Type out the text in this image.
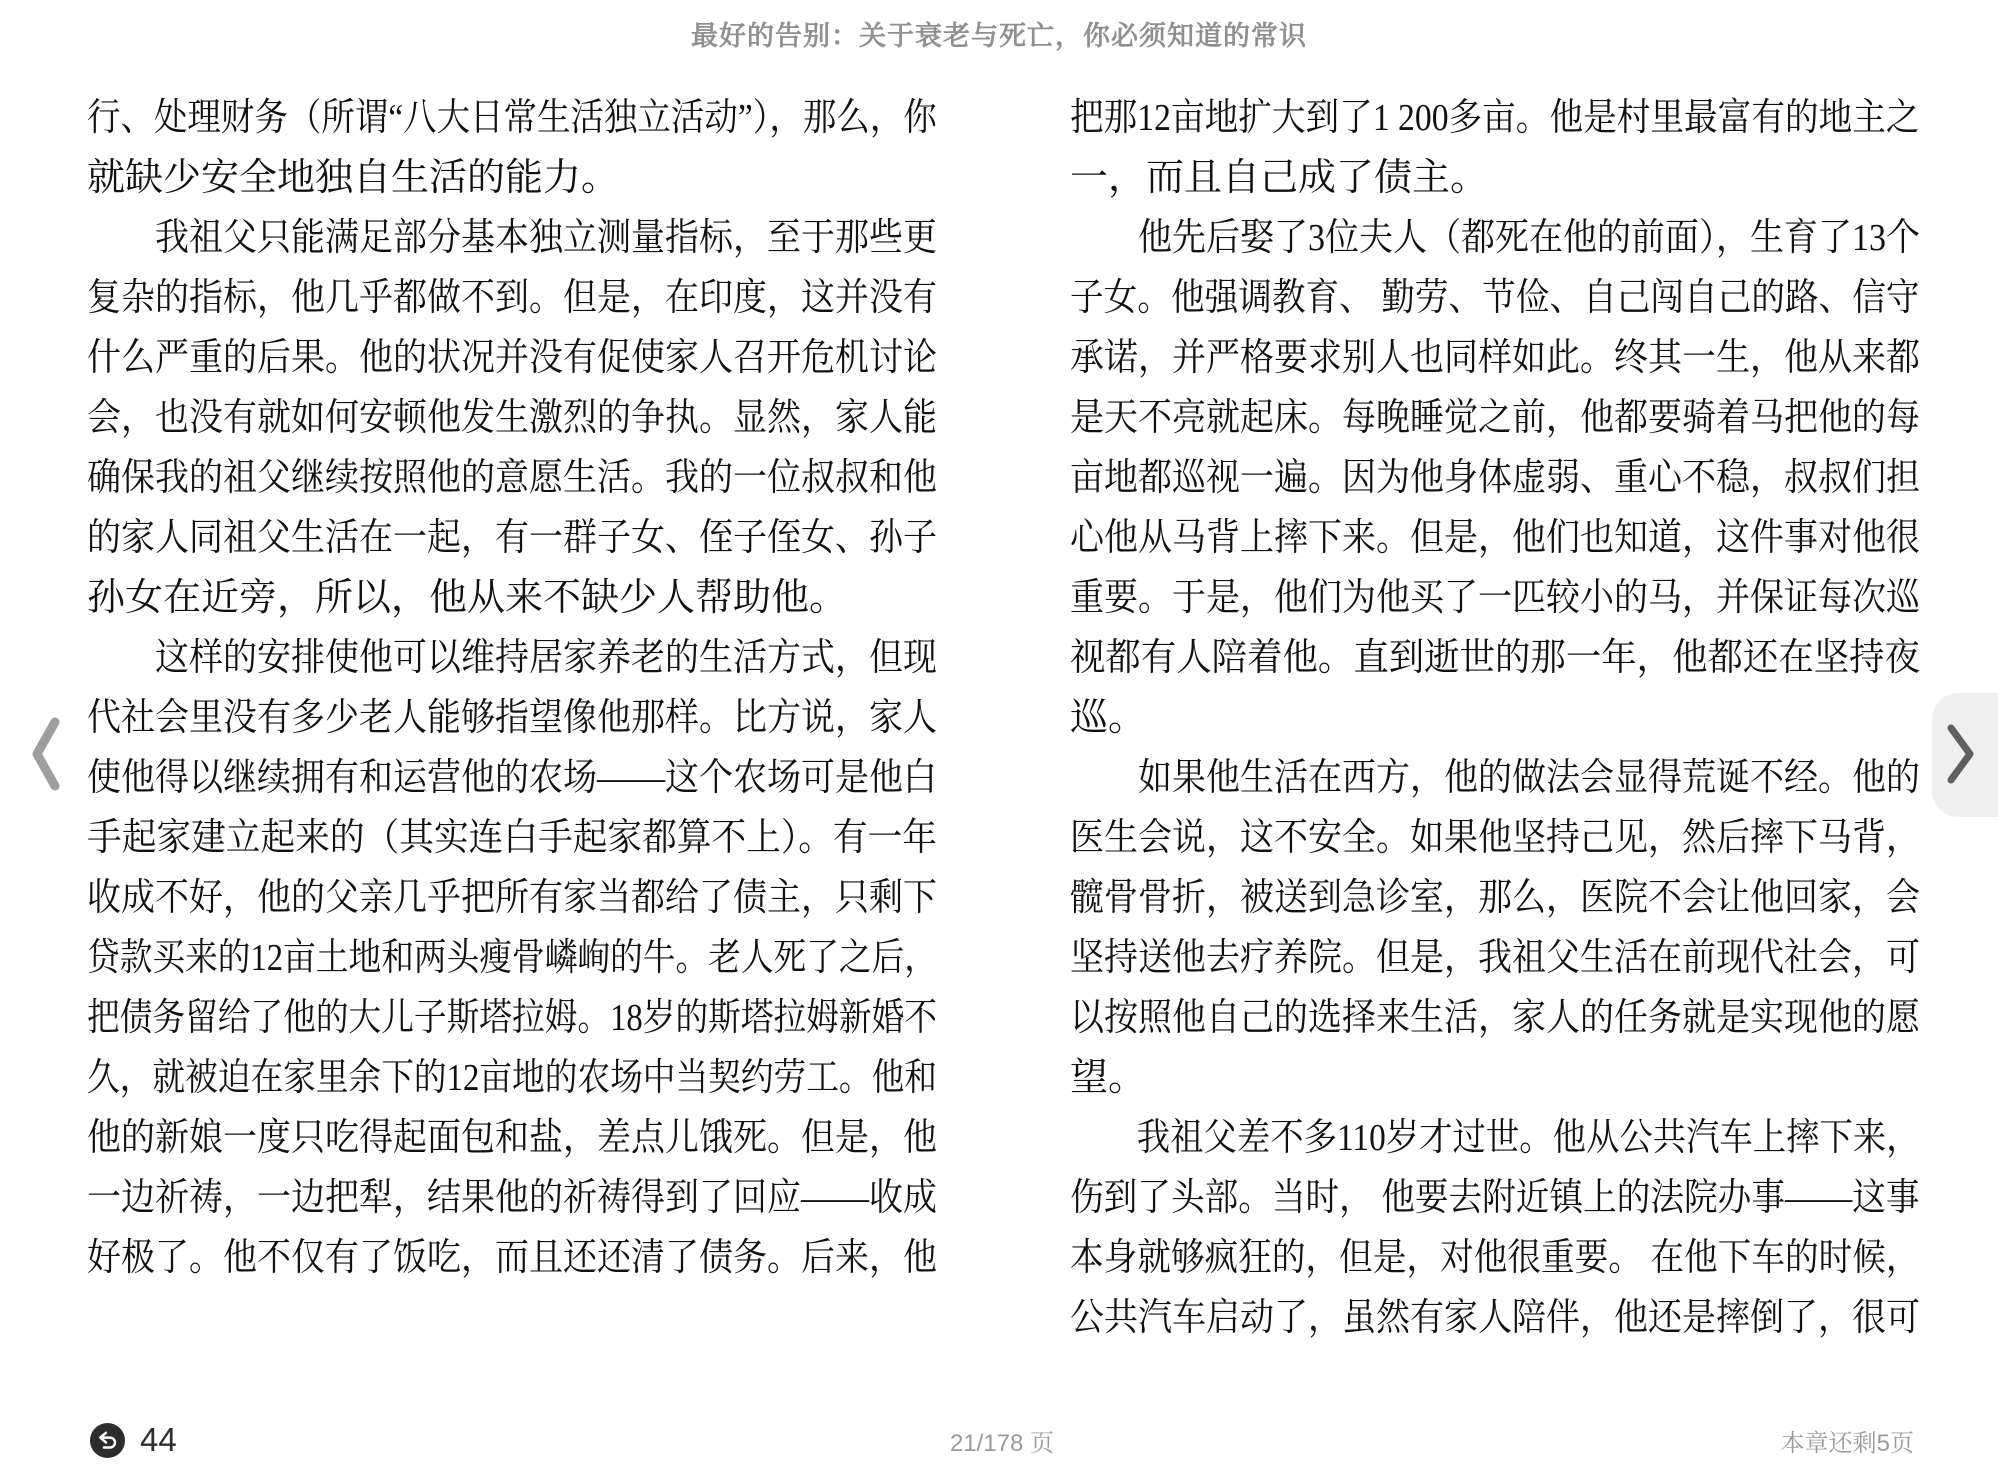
最好的告别：关于衰老与死亡，你必须知道的常识
行、处理财务（所谓“八大日常生活独立活动”），那么，你
就缺少安全地独自生活的能力。
我祖父只能满足部分基本独立测量指标，至于那些更
复杂的指标，他几乎都做不到。但是，在印度，这并没有
什么严重的后果。他的状况并没有促使家人召开危机讨论
会，也没有就如何安顿他发生激烈的争执。显然，家人能
确保我的祖父继续按照他的意愿生活。我的一位叔叔和他
的家人同祖父生活在一起，有一群子女、侄子侄女、孙子
孙女在近旁，所以，他从来不缺少人帮助他。
这样的安排使他可以维持居家养老的生活方式，但现
代社会里没有多少老人能够指望像他那样。比方说，家人
使他得以继续拥有和运营他的农场——这个农场可是他白
手起家建立起来的（其实连白手起家都算不上）。有一年
收成不好，他的父亲几乎把所有家当都给了债主，只剩下
贷款买来的12亩土地和两头瘦骨嶙峋的牛。老人死了之后，
把债务留给了他的大儿子斯塔拉姆。18岁的斯塔拉姆新婚不
久，就被迫在家里余下的12亩地的农场中当契约劳工。他和
他的新娘一度只吃得起面包和盐，差点儿饿死。但是，他
一边祈祷，一边把犁，结果他的祈祷得到了回应——收成
好极了。他不仅有了饭吃，而且还还清了债务。后来，他
把那12亩地扩大到了1 200多亩。他是村里最富有的地主之
一，而且自己成了债主。
他先后娶了3位夫人（都死在他的前面），生育了13个
子女。他强调教育、 勤劳、节俭、自己闯自己的路、信守
承诺，并严格要求别人也同样如此。终其一生，他从来都
是天不亮就起床。每晚睡觉之前，他都要骑着马把他的每
亩地都巡视一遍。因为他身体虚弱、重心不稳，叔叔们担
心他从马背上摔下来。但是，他们也知道，这件事对他很
重要。于是，他们为他买了一匹较小的马，并保证每次巡
视都有人陪着他。直到逝世的那一年，他都还在坚持夜
巡。
如果他生活在西方，他的做法会显得荒诞不经。他的
医生会说，这不安全。如果他坚持己见，然后摔下马背，
髋骨骨折，被送到急诊室，那么，医院不会让他回家，会
坚持送他去疗养院。但是，我祖父生活在前现代社会，可
以按照他自己的选择来生活，家人的任务就是实现他的愿
望。
我祖父差不多110岁才过世。他从公共汽车上摔下来，
伤到了头部。当时， 他要去附近镇上的法院办事——这事
本身就够疯狂的，但是，对他很重要。 在他下车的时候，
公共汽车启动了，虽然有家人陪伴，他还是摔倒了，很可
44	21/178 页	本章还剩5页
